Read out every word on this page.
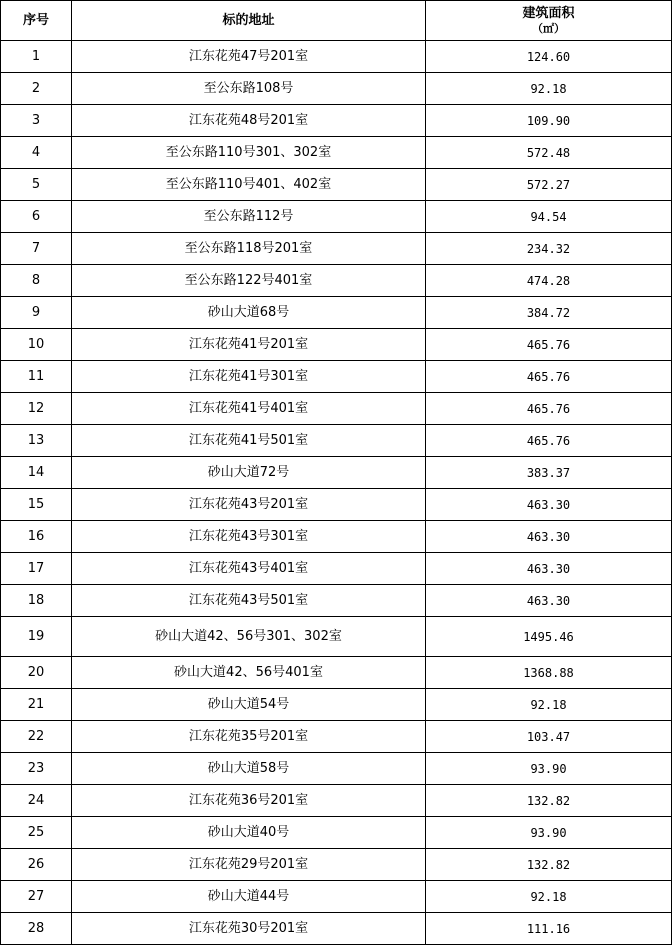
序号	标的地址	建筑面积
（㎡）

1	江东花苑47号201室	124.60
2	至公东路108号	92.18
3	江东花苑48号201室	109.90
4	至公东路110号301、302室	572.48
5	至公东路110号401、402室	572.27
6	至公东路112号	94.54
7	至公东路118号201室	234.32
8	至公东路122号401室	474.28
9	砂山大道68号	384.72
10	江东花苑41号201室	465.76
11	江东花苑41号301室	465.76
12	江东花苑41号401室	465.76
13	江东花苑41号501室	465.76
14	砂山大道72号	383.37
15	江东花苑43号201室	463.30
16	江东花苑43号301室	463.30
17	江东花苑43号401室	463.30
18	江东花苑43号501室	463.30
19	砂山大道42、56号301、302室	1495.46
20	砂山大道42、56号401室	1368.88
21	砂山大道54号	92.18
22	江东花苑35号201室	103.47
23	砂山大道58号	93.90
24	江东花苑36号201室	132.82
25	砂山大道40号	93.90
26	江东花苑29号201室	132.82
27	砂山大道44号	92.18
28	江东花苑30号201室	111.16
